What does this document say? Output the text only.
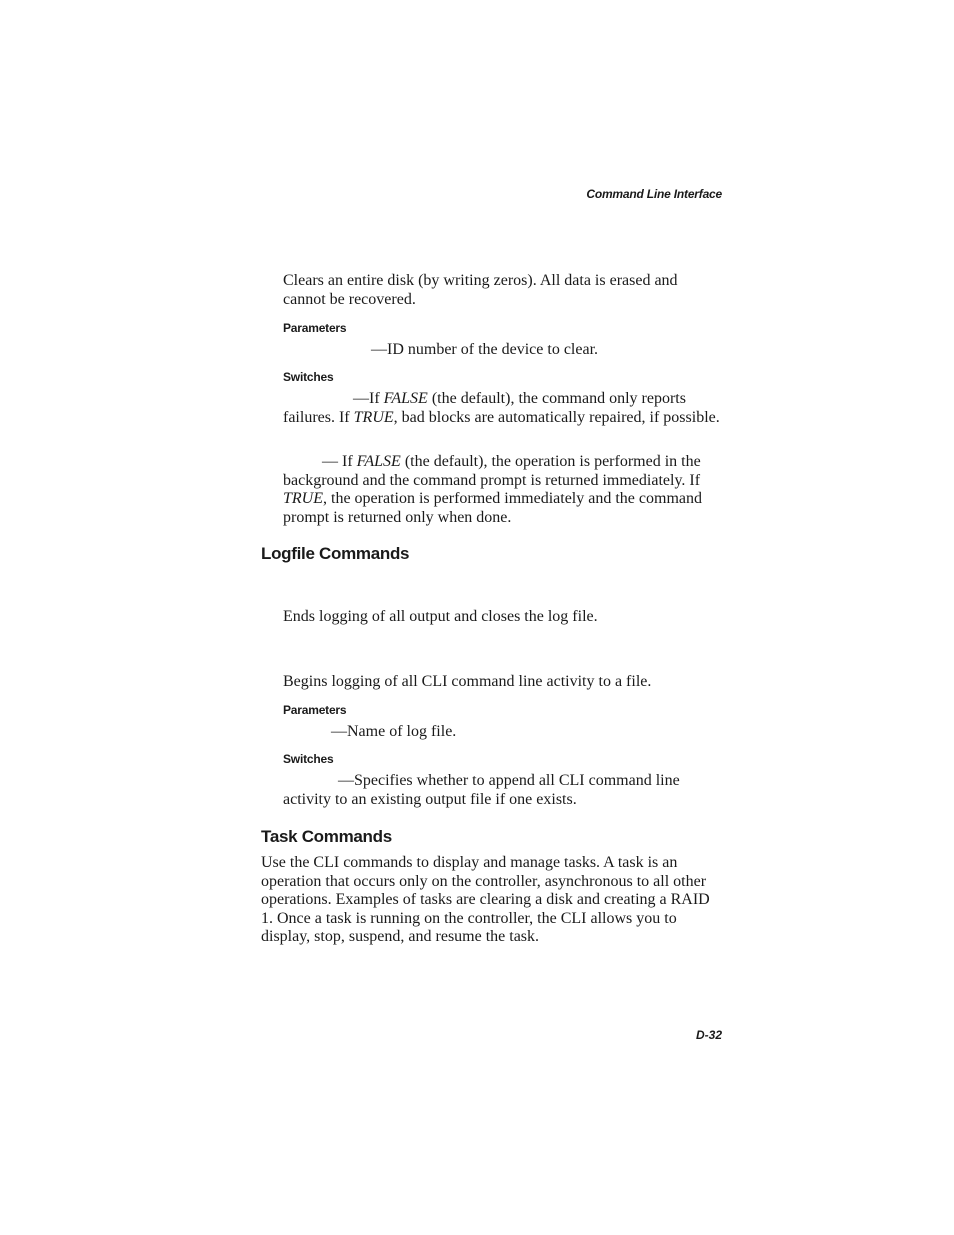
Command Line Interface

Clears an entire disk (by writing zeros). All data is erased and cannot be recovered.

Parameters

—ID number of the device to clear.

Switches

—If FALSE (the default), the command only reports failures. If TRUE, bad blocks are automatically repaired, if possible.

— If FALSE (the default), the operation is performed in the background and the command prompt is returned immediately. If TRUE, the operation is performed immediately and the command prompt is returned only when done.

Logfile Commands

Ends logging of all output and closes the log file.

Begins logging of all CLI command line activity to a file.

Parameters

—Name of log file.

Switches

—Specifies whether to append all CLI command line activity to an existing output file if one exists.

Task Commands

Use the CLI commands to display and manage tasks. A task is an operation that occurs only on the controller, asynchronous to all other operations. Examples of tasks are clearing a disk and creating a RAID 1. Once a task is running on the controller, the CLI allows you to display, stop, suspend, and resume the task.

D-32
